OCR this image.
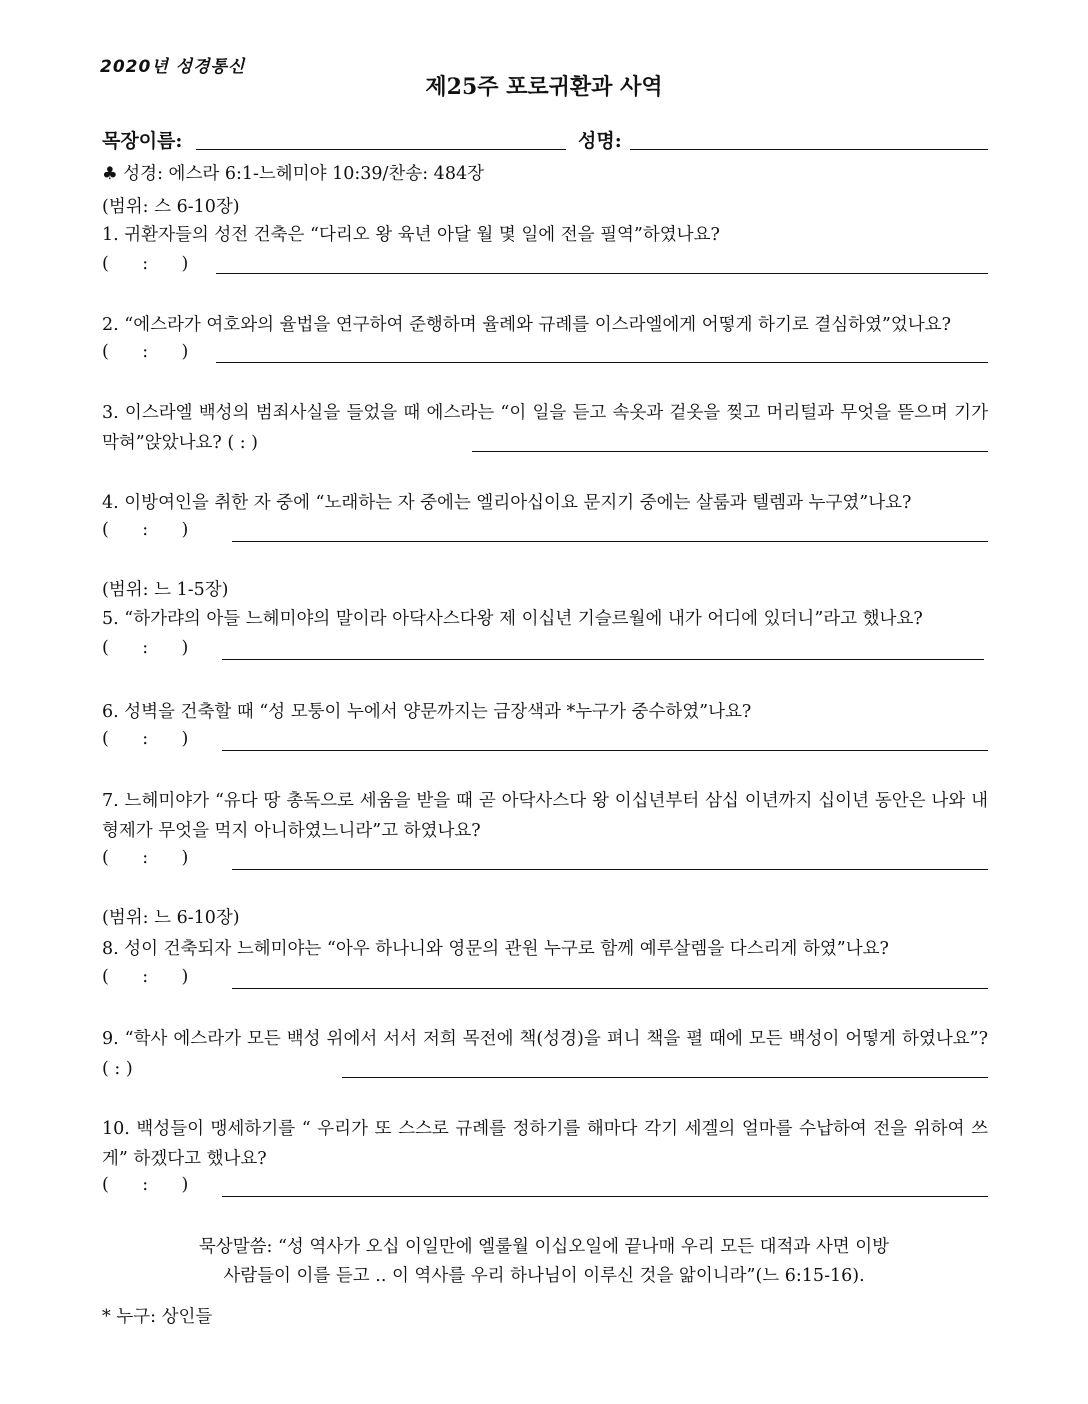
2020년 성경통신
제25주 포로귀환과 사역
목장이름:	성명:
♣ 성경: 에스라 6:1-느헤미야 10:39/찬송: 484장
(범위: 스 6-10장)
1. 귀환자들의 성전 건축은 “다리오 왕 육년 아달 월 몇 일에 전을 필역”하였나요?
(      :      )
2. “에스라가 여호와의 율법을 연구하여 준행하며 율례와 규례를 이스라엘에게 어떻게 하기로 결심하였”었나요?
(      :      )
3. 이스라엘 백성의 범죄사실을 들었을 때 에스라는 “이 일을 듣고 속옷과 겉옷을 찢고 머리털과 무엇을 뜯으며 기가 막혀”앉았나요? ( : )
4. 이방여인을 취한 자 중에 “노래하는 자 중에는 엘리아십이요 문지기 중에는 살룸과 텔렘과 누구였”나요?
(      :      )
(범위: 느 1-5장)
5. “하가랴의 아들 느헤미야의 말이라 아닥사스다왕 제 이십년 기슬르월에 내가 어디에 있더니”라고 했나요?
(      :      )
6. 성벽을 건축할 때 “성 모퉁이 누에서 양문까지는 금장색과 *누구가 중수하였”나요?
(      :      )
7. 느헤미야가 “유다 땅 총독으로 세움을 받을 때 곧 아닥사스다 왕 이십년부터 삼십 이년까지 십이년 동안은 나와 내 형제가 무엇을 먹지 아니하였느니라”고 하였나요?
(      :      )
(범위: 느 6-10장)
8. 성이 건축되자 느헤미야는 “아우 하나니와 영문의 관원 누구로 함께 예루살렘을 다스리게 하였”나요?
(      :      )
9. “학사 에스라가 모든 백성 위에서 서서 저희 목전에 책(성경)을 펴니 책을 펼 때에 모든 백성이 어떻게 하였나요”? ( : )
10. 백성들이 맹세하기를 “ 우리가 또 스스로 규례를 정하기를 해마다 각기 세겔의 얼마를 수납하여 전을 위하여 쓰게” 하겠다고 했나요?
(      :      )
묵상말씀: “성 역사가 오십 이일만에 엘룰월 이십오일에 끝나매 우리 모든 대적과 사면 이방
사람들이 이를 듣고 .. 이 역사를 우리 하나님이 이루신 것을 앎이니라”(느 6:15-16).
* 누구: 상인들
